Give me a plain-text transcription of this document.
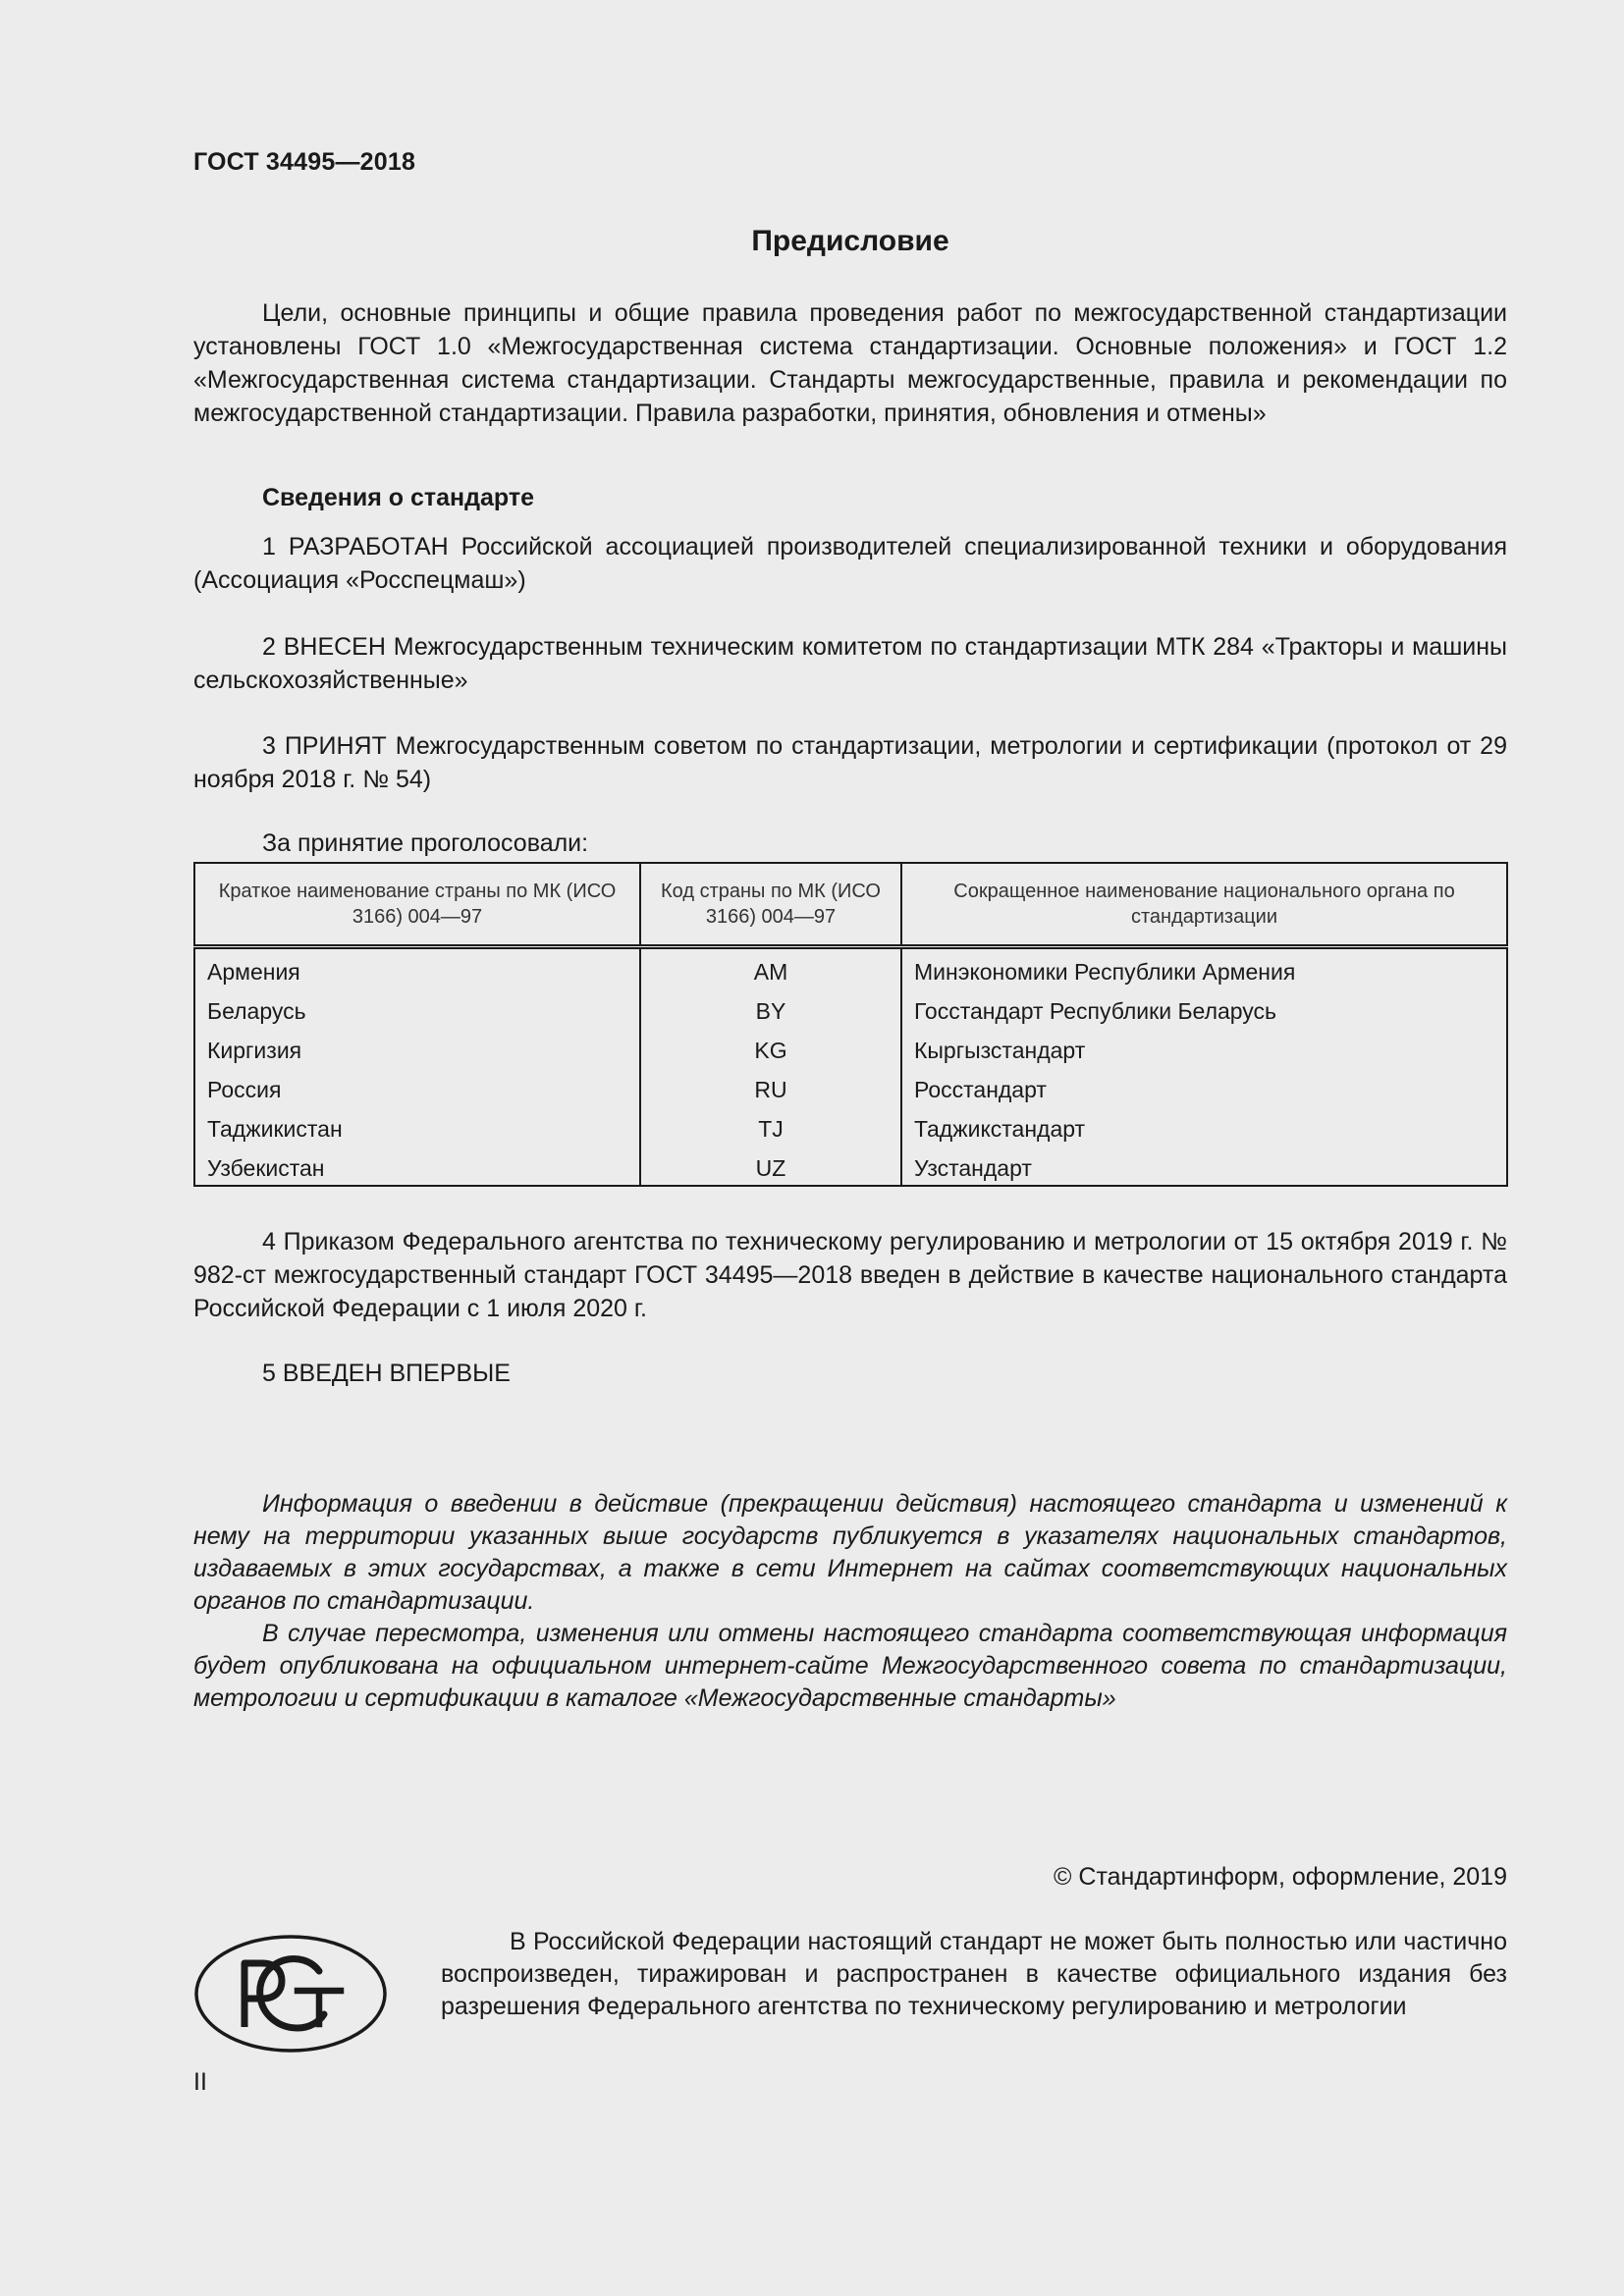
ГОСТ 34495—2018
Предисловие

Цели, основные принципы и общие правила проведения работ по межгосударственной стандартизации установлены ГОСТ 1.0 «Межгосударственная система стандартизации. Основные положения» и ГОСТ 1.2 «Межгосударственная система стандартизации. Стандарты межгосударственные, правила и рекомендации по межгосударственной стандартизации. Правила разработки, принятия, обновления и отмены»

Сведения о стандарте

1 РАЗРАБОТАН Российской ассоциацией производителей специализированной техники и оборудования (Ассоциация «Росспецмаш»)

2 ВНЕСЕН Межгосударственным техническим комитетом по стандартизации МТК 284 «Тракторы и машины сельскохозяйственные»

3 ПРИНЯТ Межгосударственным советом по стандартизации, метрологии и сертификации (протокол от 29 ноября 2018 г. № 54)

За принятие проголосовали:
Краткое наименование страны по МК (ИСО 3166) 004—97	Код страны по МК (ИСО 3166) 004—97	Сокращенное наименование национального органа по стандартизации
Армения	AM	Минэкономики Республики Армения
Беларусь	BY	Госстандарт Республики Беларусь
Киргизия	KG	Кыргызстандарт
Россия	RU	Росстандарт
Таджикистан	TJ	Таджикстандарт
Узбекистан	UZ	Узстандарт

4 Приказом Федерального агентства по техническому регулированию и метрологии от 15 октября 2019 г. № 982-ст межгосударственный стандарт ГОСТ 34495—2018 введен в действие в качестве национального стандарта Российской Федерации с 1 июля 2020 г.

5 ВВЕДЕН ВПЕРВЫЕ

Информация о введении в действие (прекращении действия) настоящего стандарта и изменений к нему на территории указанных выше государств публикуется в указателях национальных стандартов, издаваемых в этих государствах, а также в сети Интернет на сайтах соответствующих национальных органов по стандартизации.

В случае пересмотра, изменения или отмены настоящего стандарта соответствующая информация будет опубликована на официальном интернет-сайте Межгосударственного совета по стандартизации, метрологии и сертификации в каталоге «Межгосударственные стандарты»

© Стандартинформ, оформление, 2019

В Российской Федерации настоящий стандарт не может быть полностью или частично воспроизведен, тиражирован и распространен в качестве официального издания без разрешения Федерального агентства по техническому регулированию и метрологии

II
